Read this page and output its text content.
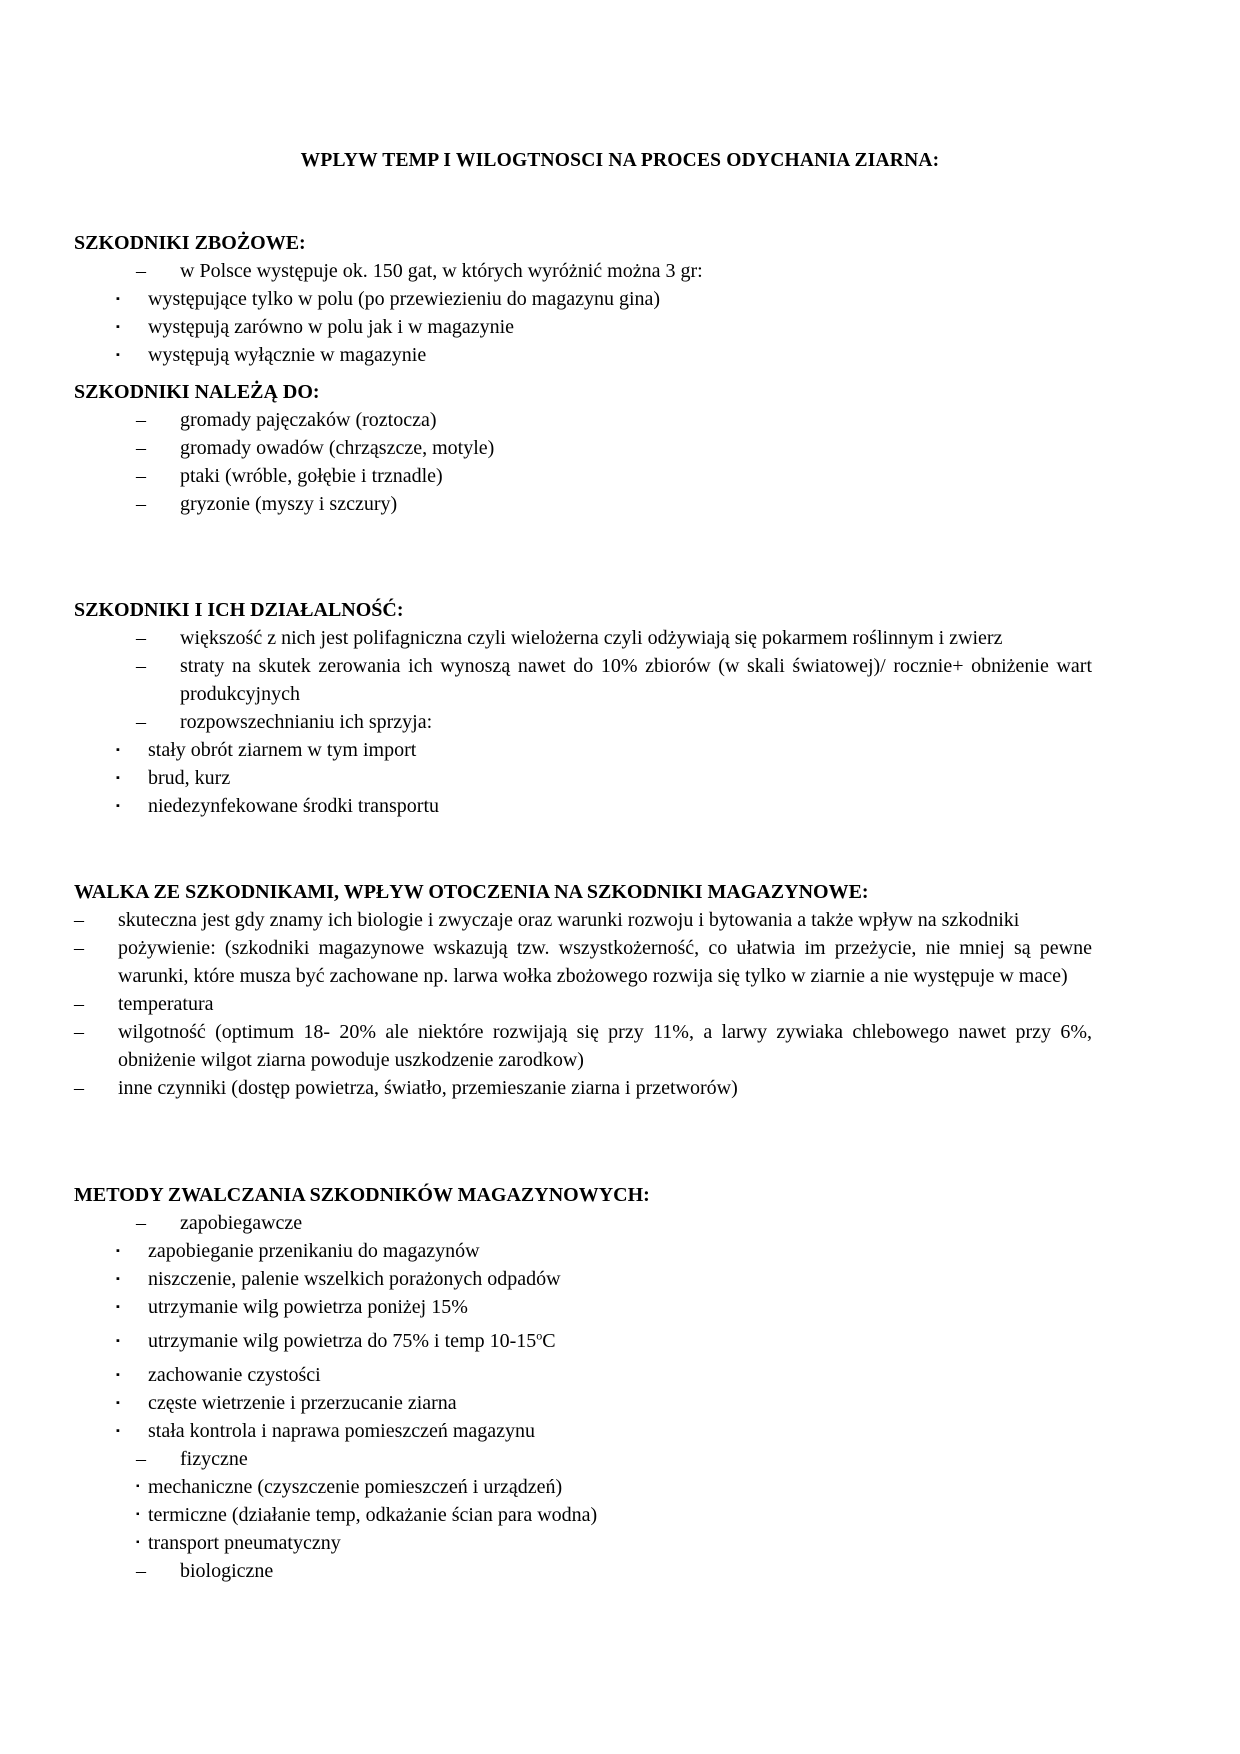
WPLYW TEMP I WILOGTNOSCI NA PROCES ODYCHANIA ZIARNA:
SZKODNIKI ZBOŻOWE:
–	w Polsce występuje ok. 150 gat, w których wyróżnić można 3 gr:
▪	występujące tylko w polu (po przewiezieniu do magazynu gina)
▪	występują zarówno w polu jak i w magazynie
▪	występują wyłącznie w magazynie
SZKODNIKI NALEŻĄ DO:
–	gromady pajęczaków (roztocza)
–	gromady owadów (chrząszcze, motyle)
–	ptaki (wróble, gołębie i trznadle)
–	gryzonie (myszy i szczury)
SZKODNIKI I ICH DZIAŁALNOŚĆ:
–	większość z nich jest polifagniczna czyli wielożerna czyli odżywiają się pokarmem roślinnym i zwierz
–	straty na skutek zerowania ich wynoszą nawet do 10% zbiorów (w skali światowej)/ rocznie+ obniżenie wart produkcyjnych
–	rozpowszechnianiu ich sprzyja:
▪	stały obrót ziarnem w tym import
▪	brud, kurz
▪	niedezynfekowane środki transportu
WALKA ZE SZKODNIKAMI, WPŁYW OTOCZENIA NA SZKODNIKI MAGAZYNOWE:
–	skuteczna jest gdy znamy ich biologie i zwyczaje oraz warunki rozwoju i bytowania a także wpływ na szkodniki
–	pożywienie: (szkodniki magazynowe wskazują tzw. wszystkożerność, co ułatwia im przeżycie, nie mniej są pewne warunki, które musza być zachowane np. larwa wołka zbożowego rozwija się tylko w ziarnie a nie występuje w mace)
–	temperatura
–	wilgotność (optimum 18- 20% ale niektóre rozwijają się przy 11%, a larwy zywiaka chlebowego nawet przy 6%, obniżenie wilgot ziarna powoduje uszkodzenie zarodkow)
–	inne czynniki (dostęp powietrza, światło, przemieszanie ziarna i przetworów)
METODY ZWALCZANIA SZKODNIKÓW MAGAZYNOWYCH:
–	zapobiegawcze
▪	zapobieganie przenikaniu do magazynów
▪	niszczenie, palenie wszelkich porażonych odpadów
▪	utrzymanie wilg powietrza poniżej 15%
▪	utrzymanie wilg powietrza do 75% i temp 10-15$^o$C
▪	zachowanie czystości
▪	częste wietrzenie i przerzucanie ziarna
▪	stała kontrola i naprawa pomieszczeń magazynu
–	fizyczne
▪ mechaniczne (czyszczenie pomieszczeń i urządzeń)
▪ termiczne (działanie temp, odkażanie ścian para wodna)
▪ transport pneumatyczny
–	biologiczne
